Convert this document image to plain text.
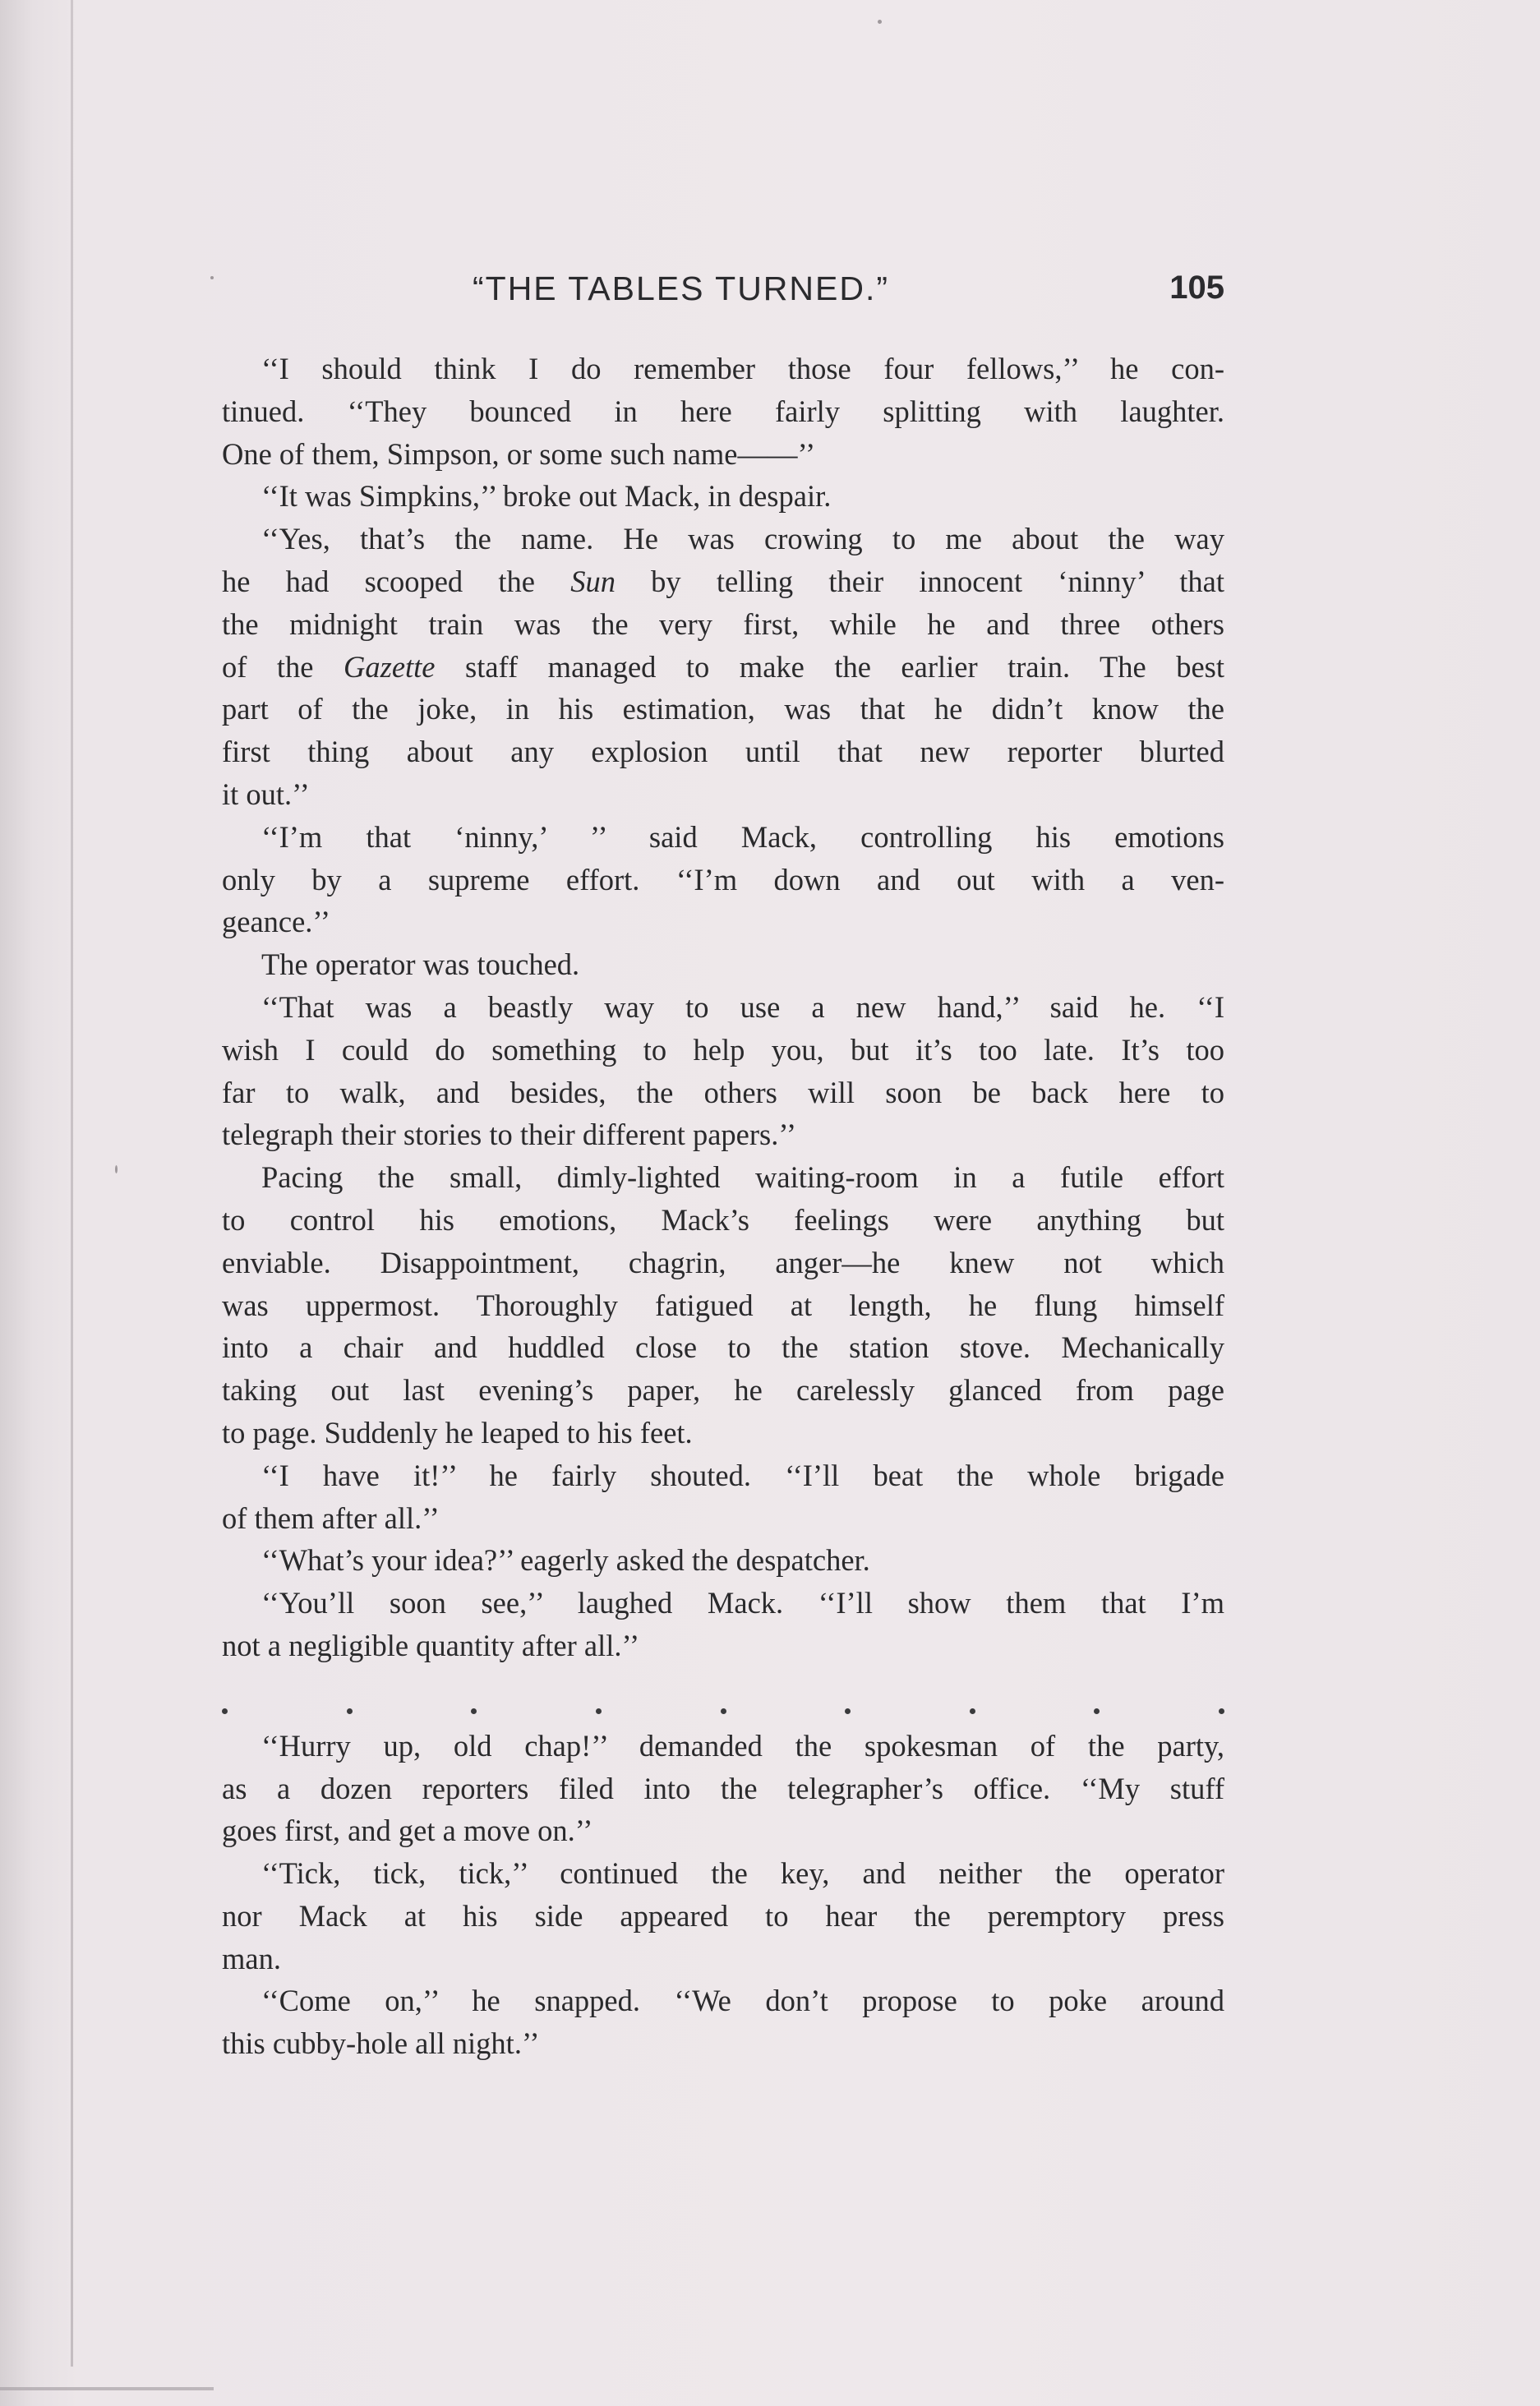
“THE TABLES TURNED.”	105
‘‘I should think I do remember those four fellows,’’ he con-
tinued. ‘‘They bounced in here fairly splitting with laughter.
One of them, Simpson, or some such name——’’
‘‘It was Simpkins,’’ broke out Mack, in despair.
‘‘Yes, that’s the name. He was crowing to me about the way
he had scooped the Sun by telling their innocent ‘ninny’ that
the midnight train was the very first, while he and three others
of the Gazette staff managed to make the earlier train. The best
part of the joke, in his estimation, was that he didn’t know the
first thing about any explosion until that new reporter blurted
it out.’’
‘‘I’m that ‘ninny,’ ’’ said Mack, controlling his emotions
only by a supreme effort. ‘‘I’m down and out with a ven-
geance.’’
The operator was touched.
‘‘That was a beastly way to use a new hand,’’ said he. ‘‘I
wish I could do something to help you, but it’s too late. It’s too
far to walk, and besides, the others will soon be back here to
telegraph their stories to their different papers.’’
Pacing the small, dimly-lighted waiting-room in a futile effort
to control his emotions, Mack’s feelings were anything but
enviable. Disappointment, chagrin, anger—he knew not which
was uppermost. Thoroughly fatigued at length, he flung himself
into a chair and huddled close to the station stove. Mechanically
taking out last evening’s paper, he carelessly glanced from page
to page. Suddenly he leaped to his feet.
‘‘I have it!’’ he fairly shouted. ‘‘I’ll beat the whole brigade
of them after all.’’
‘‘What’s your idea?’’ eagerly asked the despatcher.
‘‘You’ll soon see,’’ laughed Mack. ‘‘I’ll show them that I’m
not a negligible quantity after all.’’
‘‘Hurry up, old chap!’’ demanded the spokesman of the party,
as a dozen reporters filed into the telegrapher’s office. ‘‘My stuff
goes first, and get a move on.’’
‘‘Tick, tick, tick,’’ continued the key, and neither the operator
nor Mack at his side appeared to hear the peremptory press
man.
‘‘Come on,’’ he snapped. ‘‘We don’t propose to poke around
this cubby-hole all night.’’
